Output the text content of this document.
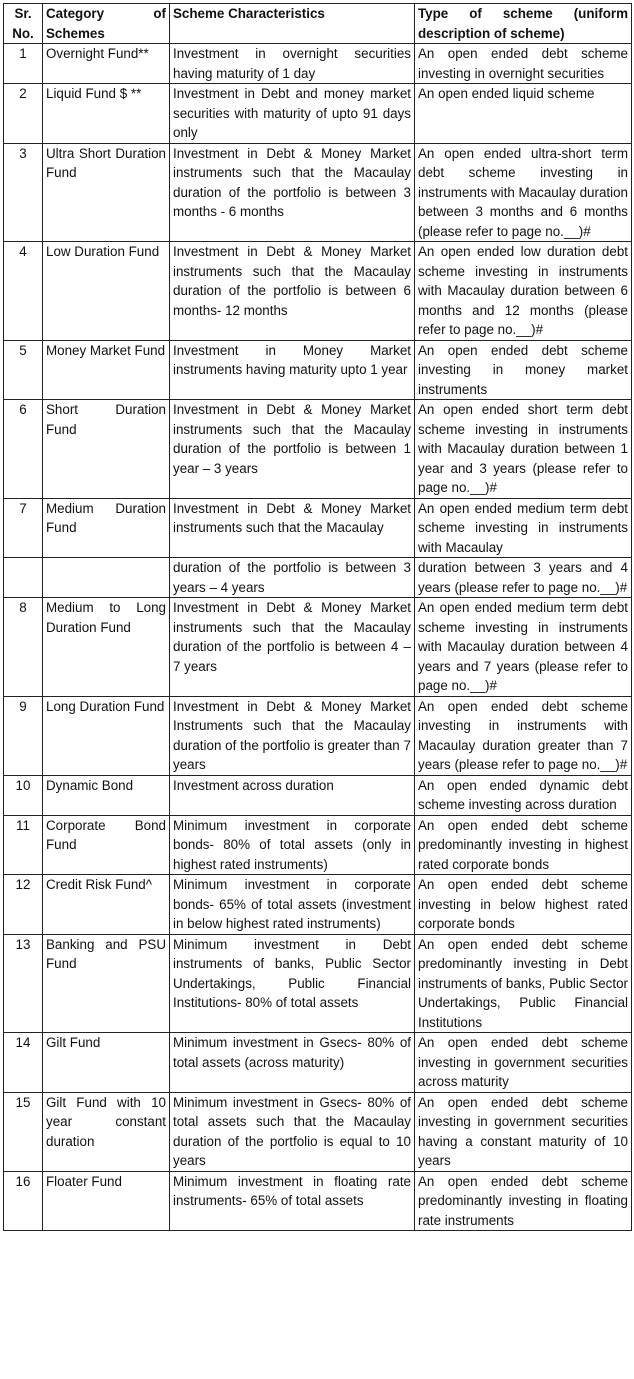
Sr. No.	Category of Schemes	Scheme Characteristics	Type of scheme (uniform description of scheme)
1	Overnight Fund**	Investment in overnight securities having maturity of 1 day	An open ended debt scheme investing in overnight securities
2	Liquid Fund $ **	Investment in Debt and money market securities with maturity of upto 91 days only	An open ended liquid scheme
3	Ultra Short Duration Fund	Investment in Debt & Money Market instruments such that the Macaulay duration of the portfolio is between 3 months - 6 months	An open ended ultra-short term debt scheme investing in instruments with Macaulay duration between 3 months and 6 months (please refer to page no.__)#
4	Low Duration Fund	Investment in Debt & Money Market instruments such that the Macaulay duration of the portfolio is between 6 months- 12 months	An open ended low duration debt scheme investing in instruments with Macaulay duration between 6 months and 12 months (please refer to page no.__)#
5	Money Market Fund	Investment in Money Market instruments having maturity upto 1 year	An open ended debt scheme investing in money market instruments
6	Short Duration Fund	Investment in Debt & Money Market instruments such that the Macaulay duration of the portfolio is between 1 year – 3 years	An open ended short term debt scheme investing in instruments with Macaulay duration between 1 year and 3 years (please refer to page no.__)#
7	Medium Duration Fund	Investment in Debt & Money Market instruments such that the Macaulay	An open ended medium term debt scheme investing in instruments with Macaulay
		duration of the portfolio is between 3 years – 4 years	duration between 3 years and 4 years (please refer to page no.__)#
8	Medium to Long Duration Fund	Investment in Debt & Money Market instruments such that the Macaulay duration of the portfolio is between 4 – 7 years	An open ended medium term debt scheme investing in instruments with Macaulay duration between 4 years and 7 years (please refer to page no.__)#
9	Long Duration Fund	Investment in Debt & Money Market Instruments such that the Macaulay duration of the portfolio is greater than 7 years	An open ended debt scheme investing in instruments with Macaulay duration greater than 7 years (please refer to page no.__)#
10	Dynamic Bond	Investment across duration	An open ended dynamic debt scheme investing across duration
11	Corporate Bond Fund	Minimum investment in corporate bonds- 80% of total assets (only in highest rated instruments)	An open ended debt scheme predominantly investing in highest rated corporate bonds
12	Credit Risk Fund^	Minimum investment in corporate bonds- 65% of total assets (investment in below highest rated instruments)	An open ended debt scheme investing in below highest rated corporate bonds
13	Banking and PSU Fund	Minimum investment in Debt instruments of banks, Public Sector Undertakings, Public Financial Institutions- 80% of total assets	An open ended debt scheme predominantly investing in Debt instruments of banks, Public Sector Undertakings, Public Financial Institutions
14	Gilt Fund	Minimum investment in Gsecs- 80% of total assets (across maturity)	An open ended debt scheme investing in government securities across maturity
15	Gilt Fund with 10 year constant duration	Minimum investment in Gsecs- 80% of total assets such that the Macaulay duration of the portfolio is equal to 10 years	An open ended debt scheme investing in government securities having a constant maturity of 10 years
16	Floater Fund	Minimum investment in floating rate instruments- 65% of total assets	An open ended debt scheme predominantly investing in floating rate instruments
